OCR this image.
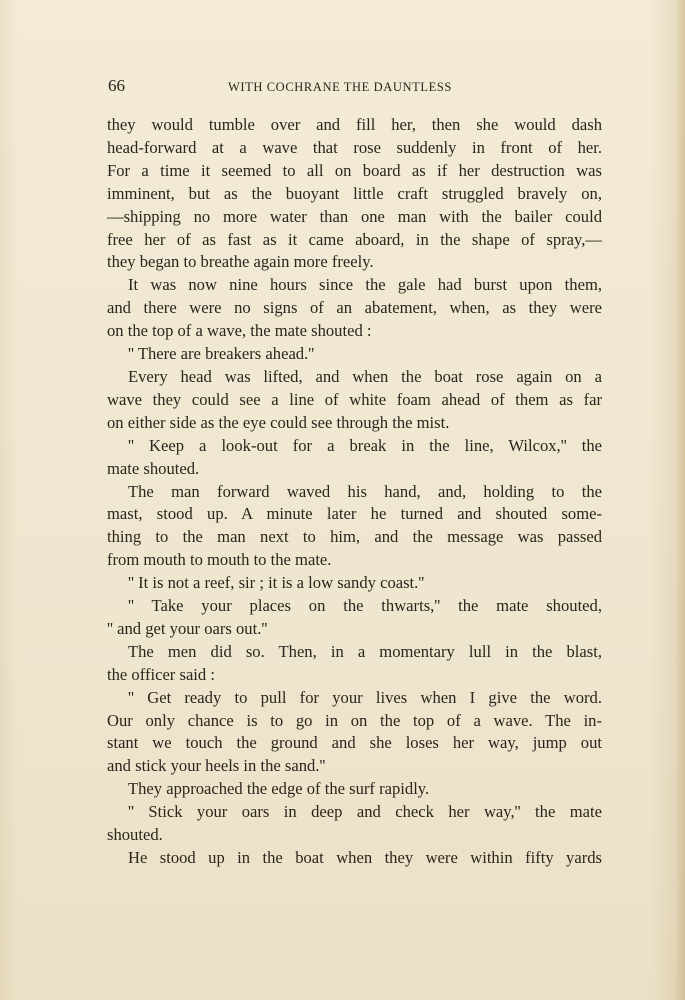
66	WITH COCHRANE THE DAUNTLESS

they would tumble over and fill her, then she would dash

head-forward at a wave that rose suddenly in front of her.

For a time it seemed to all on board as if her destruction was

imminent, but as the buoyant little craft struggled bravely on,

—shipping no more water than one man with the bailer could

free her of as fast as it came aboard, in the shape of spray,—

they began to breathe again more freely.

It was now nine hours since the gale had burst upon them,

and there were no signs of an abatement, when, as they were

on the top of a wave, the mate shouted :

'' There are breakers ahead.''

Every head was lifted, and when the boat rose again on a

wave they could see a line of white foam ahead of them as far

on either side as the eye could see through the mist.

'' Keep a look-out for a break in the line, Wilcox,'' the

mate shouted.

The man forward waved his hand, and, holding to the

mast, stood up. A minute later he turned and shouted some-

thing to the man next to him, and the message was passed

from mouth to mouth to the mate.

'' It is not a reef, sir ; it is a low sandy coast.''

'' Take your places on the thwarts,'' the mate shouted,

'' and get your oars out.''

The men did so. Then, in a momentary lull in the blast,

the officer said :

'' Get ready to pull for your lives when I give the word.

Our only chance is to go in on the top of a wave. The in-

stant we touch the ground and she loses her way, jump out

and stick your heels in the sand.''

They approached the edge of the surf rapidly.

'' Stick your oars in deep and check her way,'' the mate

shouted.

He stood up in the boat when they were within fifty yards
